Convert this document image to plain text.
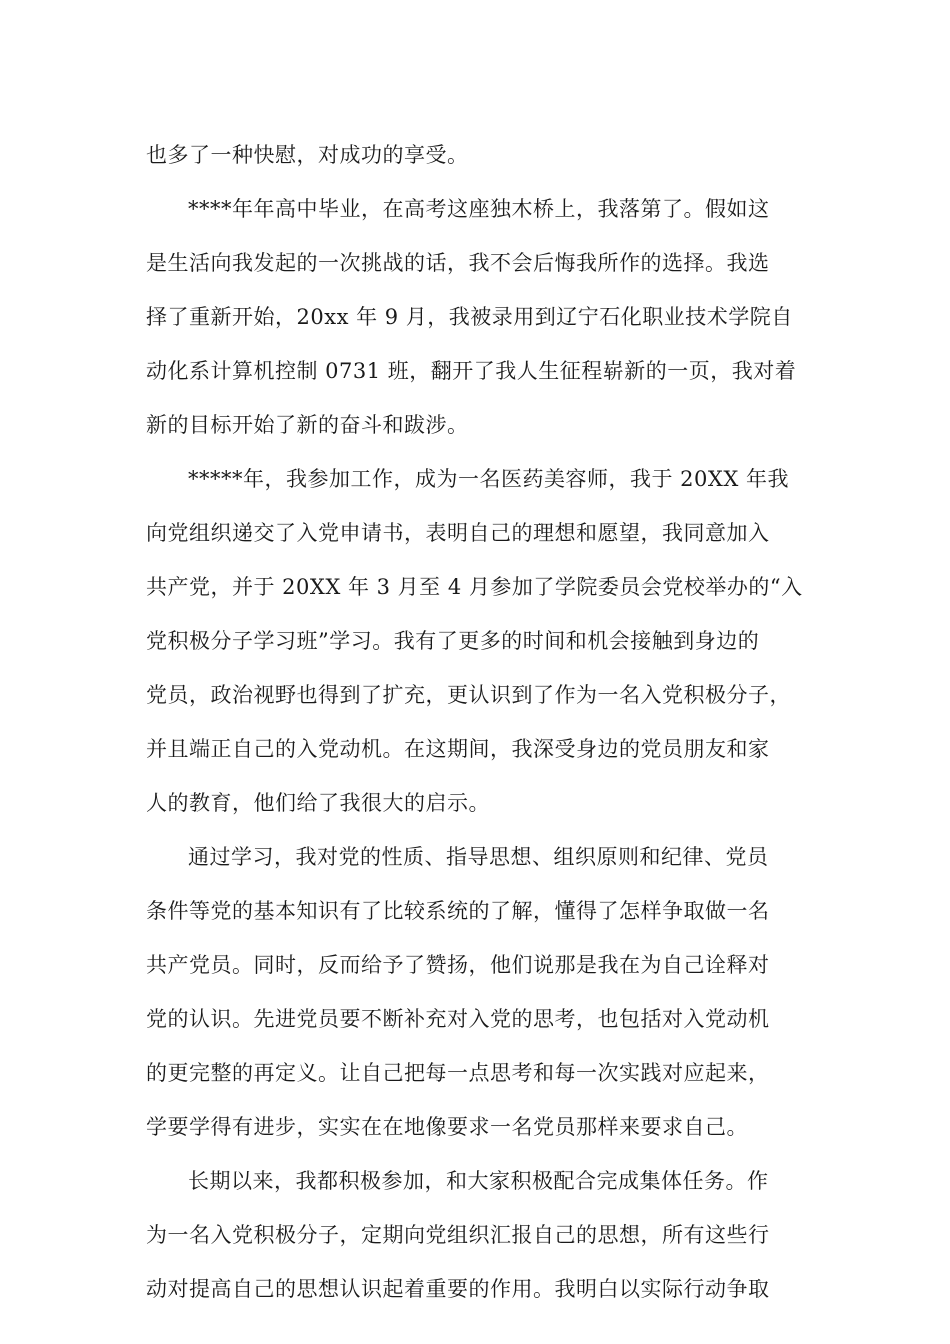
也多了一种快慰，对成功的享受。
****年年高中毕业，在高考这座独木桥上，我落第了。假如这
是生活向我发起的一次挑战的话，我不会后悔我所作的选择。我选
择了重新开始，20xx 年 9 月，我被录用到辽宁石化职业技术学院自
动化系计算机控制 0731 班，翻开了我人生征程崭新的一页，我对着
新的目标开始了新的奋斗和跋涉。
*****年，我参加工作，成为一名医药美容师，我于 20XX 年我
向党组织递交了入党申请书，表明自己的理想和愿望，我同意加入
共产党，并于 20XX 年 3 月至 4 月参加了学院委员会党校举办的“入
党积极分子学习班”学习。我有了更多的时间和机会接触到身边的
党员，政治视野也得到了扩充，更认识到了作为一名入党积极分子，
并且端正自己的入党动机。在这期间，我深受身边的党员朋友和家
人的教育，他们给了我很大的启示。
通过学习，我对党的性质、指导思想、组织原则和纪律、党员
条件等党的基本知识有了比较系统的了解，懂得了怎样争取做一名
共产党员。同时，反而给予了赞扬，他们说那是我在为自己诠释对
党的认识。先进党员要不断补充对入党的思考，也包括对入党动机
的更完整的再定义。让自己把每一点思考和每一次实践对应起来，
学要学得有进步，实实在在地像要求一名党员那样来要求自己。
长期以来，我都积极参加，和大家积极配合完成集体任务。作
为一名入党积极分子，定期向党组织汇报自己的思想，所有这些行
动对提高自己的思想认识起着重要的作用。我明白以实际行动争取
